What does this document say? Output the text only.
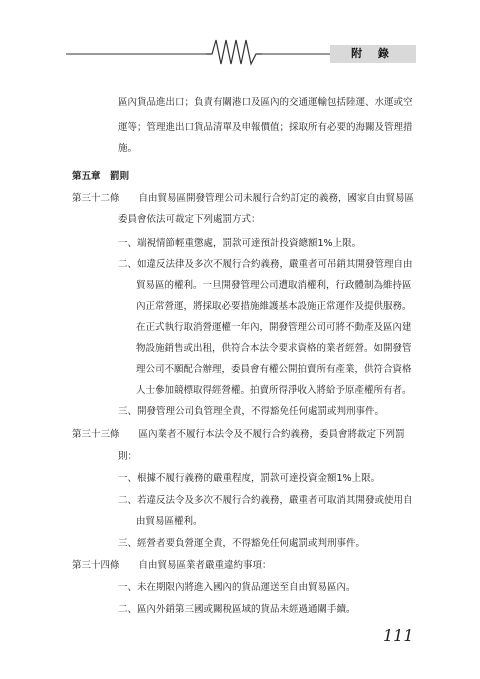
附 錄
區內貨品進出口；負責有關港口及區內的交通運輸包括陸運、水運或空
運等；管理進出口貨品清單及申報價值；採取所有必要的海關及管理措
施。
第五章　罰則
第三十二條　　自由貿易區開發管理公司未履行合約訂定的義務，國家自由貿易區
委員會依法可裁定下列處罰方式：
一、端視情節輕重懲處，罰款可達預計投資總額1%上限。
二、如違反法律及多次不履行合約義務，嚴重者可吊銷其開發管理自由
貿易區的權利。一旦開發管理公司遭取消權利，行政體制為維持區
內正常營運，將採取必要措施維護基本設施正常運作及提供服務。
在正式執行取消營運權一年內，開發管理公司可將不動產及區內建
物設施銷售或出租，供符合本法令要求資格的業者經營。如開發管
理公司不願配合辦理，委員會有權公開拍賣所有產業，供符合資格
人士參加競標取得經營權。拍賣所得淨收入將給予原產權所有者。
三、開發管理公司負管理全責，不得豁免任何處罰或判刑事件。
第三十三條　　區內業者不履行本法令及不履行合約義務，委員會將裁定下列罰
則：
一、根據不履行義務的嚴重程度，罰款可達投資金額1%上限。
二、若違反法令及多次不履行合約義務，嚴重者可取消其開發或使用自
由貿易區權利。
三、經營者要負營運全責，不得豁免任何處罰或判刑事件。
第三十四條　　自由貿易區業者嚴重違約事項：
一、未在期限內將進入國內的貨品運送至自由貿易區內。
二、區內外銷第三國或關稅區域的貨品未經過通關手續。
111
